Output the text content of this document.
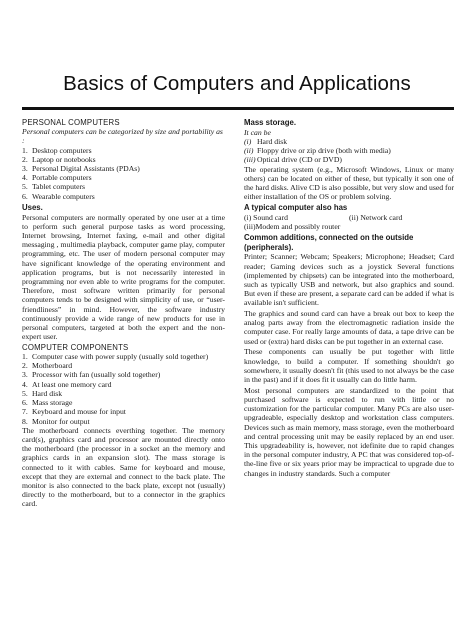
Basics of Computers and Applications
PERSONAL COMPUTERS
Personal computers can be categorized by size and portability as :
1. Desktop computers
2. Laptop or notebooks
3. Personal Digital Assistants (PDAs)
4. Portable computers
5. Tablet computers
6. Wearable computers
Uses.

Personal computers are normally operated by one user at a time to perform such general purpose tasks as word processing, Internet browsing, Internet faxing, e-mail and other digital messaging , multimedia playback, computer game play, computer programming, etc. The user of modern personal computer may have significant knowledge of the operating environment and application programs, but is not necessarily interested in programming nor even able to write programs for the computer. Therefore, most software written primarily for personal computers tends to be designed with simplicity of use, or “user-friendliness” in mind. However, the software industry continuously provide a wide range of new products for use in personal computers, targeted at both the expert and the non-expert user.

COMPUTER COMPONENTS
1. Computer case with power supply (usually sold together)
2. Motherboard
3. Processor with fan (usually sold together)
4. At least one memory card
5. Hard disk
6. Mass storage
7. Keyboard and mouse for input
8. Monitor for output

The motherboard connects everthing together. The memory card(s), graphics card and processor are mounted directly onto the motherboard (the processor in a socket an the memory and graphics cards in an expansion slot). The mass storage is connected to it with cables. Same for keyboard and mouse, except that they are external and connect to the back plate. The monitor is also connected to the back plate, except not (usually) directly to the motherboard, but to a connector in the graphics card.

Mass storage.
It can be
(i) Hard disk
(ii) Floppy drive or zip drive (both with media)
(iii) Optical drive (CD or DVD)

The operating system (e.g., Microsoft Windows, Linux or many others) can be located on either of these, but typically it son one of the hard disks. Alive CD is also possible, but very slow and used for either installation of the OS or problem solving.

A typical computer also has
(i) Sound card	(ii) Network card
(iii)Modem and possibly router
Common additions, connected on the outside (peripherals).

Printer; Scanner; Webcam; Speakers; Microphone; Headset; Card reader; Gaming devices such as a joystick Several functions (implemented by chipsets) can be integrated into the motherboard, such as typically USB and network, but also graphics and sound. But even if these are present, a separate card can be added if what is available isn't sufficient.

The graphics and sound card can have a break out box to keep the analog parts away from the electromagnetic radiation inside the computer case. For really large amounts of data, a tape drive can be used or (extra) hard disks can be put together in an external case.

These components can usually be put together with little knowledge, to build a computer. If something shouldn't go somewhere, it usually doesn't fit (this used to not always be the case in the past) and if it does fit it usually can do little harm.

Most personal computers are standardized to the point that purchased software is expected to run with little or no customization for the particular computer. Many PCs are also user-upgradeable, especially desktop and workstation class computers. Devices such as main memory, mass storage, even the motherboard and central processing unit may be easily replaced by an end user. This upgradeability is, however, not idefinite due to rapid changes in the personal computer industry, A PC that was considered top-of-the-line five or six years prior may be impractical to upgrade due to changes in industry standards. Such a computer
